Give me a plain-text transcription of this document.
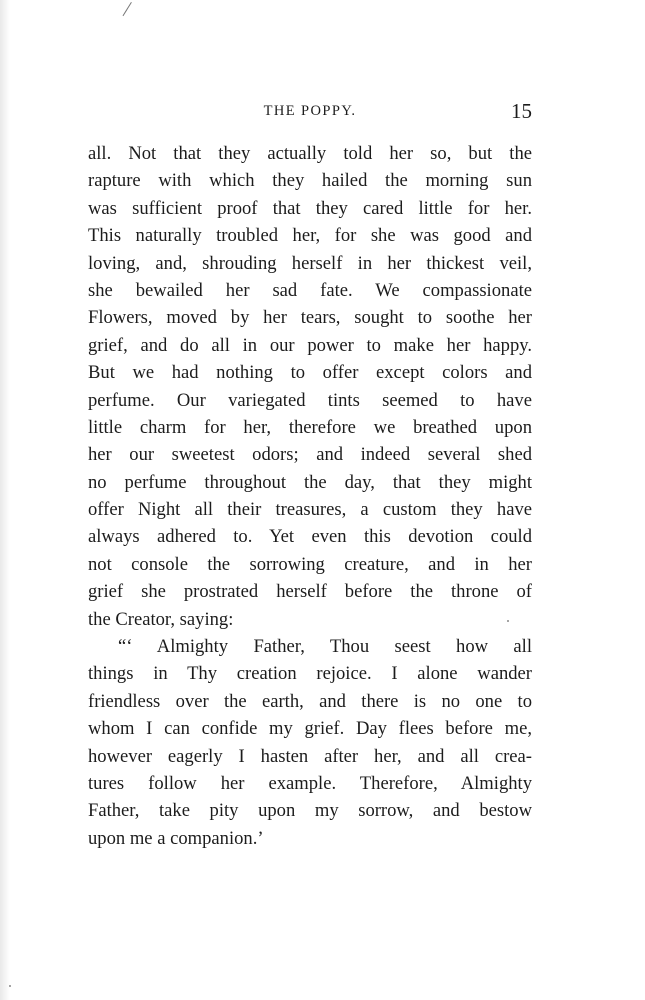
THE POPPY.	15
all. Not that they actually told her so, but the
rapture with which they hailed the morning sun
was sufficient proof that they cared little for her.
This naturally troubled her, for she was good and
loving, and, shrouding herself in her thickest veil,
she bewailed her sad fate. We compassionate
Flowers, moved by her tears, sought to soothe her
grief, and do all in our power to make her happy.
But we had nothing to offer except colors and
perfume. Our variegated tints seemed to have
little charm for her, therefore we breathed upon
her our sweetest odors; and indeed several shed
no perfume throughout the day, that they might
offer Night all their treasures, a custom they have
always adhered to. Yet even this devotion could
not console the sorrowing creature, and in her
grief she prostrated herself before the throne of
the Creator, saying:
“‘ Almighty Father, Thou seest how all
things in Thy creation rejoice. I alone wander
friendless over the earth, and there is no one to
whom I can confide my grief. Day flees before me,
however eagerly I hasten after her, and all crea-
tures follow her example. Therefore, Almighty
Father, take pity upon my sorrow, and bestow
upon me a companion.’
